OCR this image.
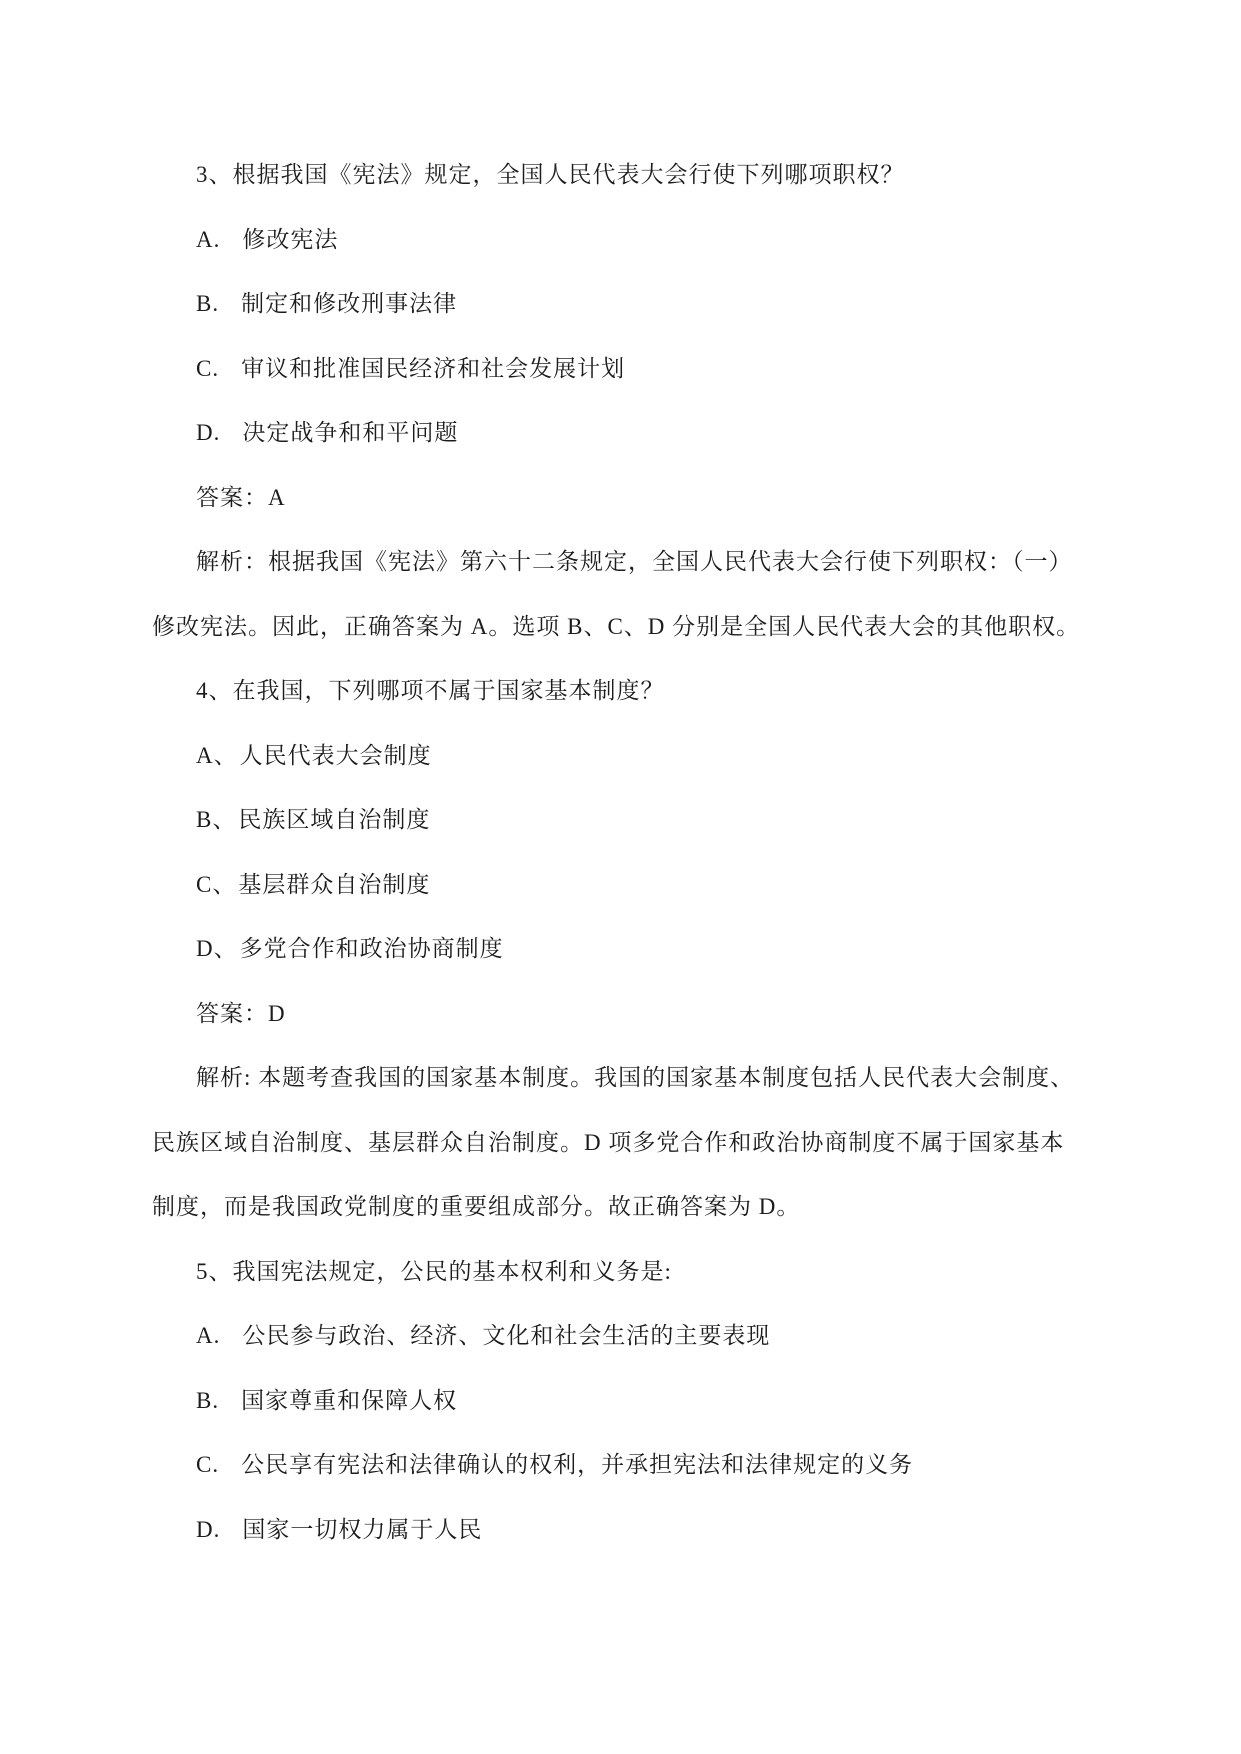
3、根据我国《宪法》规定，全国人民代表大会行使下列哪项职权？
A. 修改宪法
B. 制定和修改刑事法律
C. 审议和批准国民经济和社会发展计划
D. 决定战争和和平问题
答案：A
解析：根据我国《宪法》第六十二条规定，全国人民代表大会行使下列职权：（一）
修改宪法。因此，正确答案为 A。选项 B、C、D 分别是全国人民代表大会的其他职权。
4、在我国，下列哪项不属于国家基本制度？
A、人民代表大会制度
B、民族区域自治制度
C、基层群众自治制度
D、多党合作和政治协商制度
答案：D
解析: 本题考查我国的国家基本制度。我国的国家基本制度包括人民代表大会制度、
民族区域自治制度、基层群众自治制度。D 项多党合作和政治协商制度不属于国家基本
制度，而是我国政党制度的重要组成部分。故正确答案为 D。
5、我国宪法规定，公民的基本权利和义务是:
A. 公民参与政治、经济、文化和社会生活的主要表现
B. 国家尊重和保障人权
C. 公民享有宪法和法律确认的权利，并承担宪法和法律规定的义务
D. 国家一切权力属于人民
